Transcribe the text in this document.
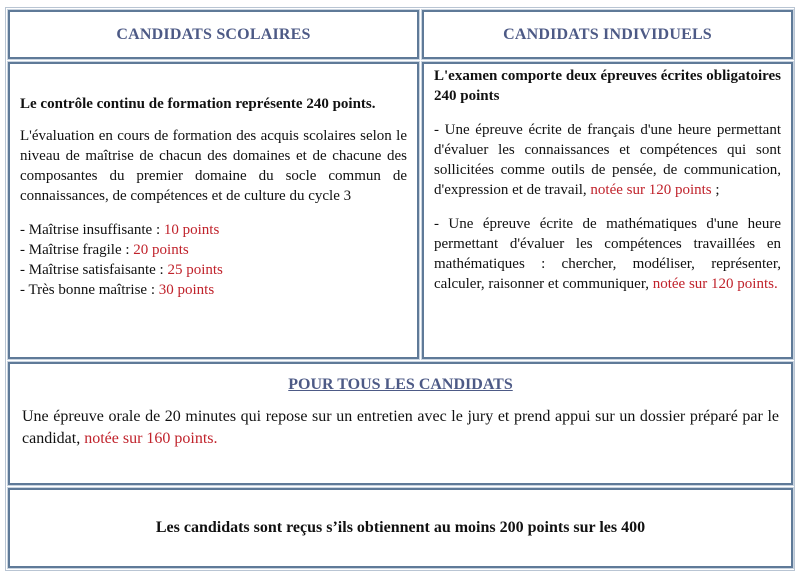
CANDIDATS SCOLAIRES	CANDIDATS INDIVIDUELS

Le contrôle continu de formation représente 240 points.

L'évaluation en cours de formation des acquis scolaires selon le niveau de maîtrise de chacun des domaines et de chacune des composantes du premier domaine du socle commun de connaissances, de compétences et de culture du cycle 3

- Maîtrise insuffisante : 10 points

- Maîtrise fragile : 20 points

- Maîtrise satisfaisante : 25 points

- Très bonne maîtrise : 30 points

L'examen comporte deux épreuves écrites obligatoires 240 points

- Une épreuve écrite de français d'une heure permettant d'évaluer les connaissances et compétences qui sont sollicitées comme outils de pensée, de communication, d'expression et de travail, notée sur 120 points ;

- Une épreuve écrite de mathématiques d'une heure permettant d'évaluer les compétences travaillées en mathématiques : chercher, modéliser, représenter, calculer, raisonner et communiquer, notée sur 120 points.

POUR TOUS LES CANDIDATS

Une épreuve orale de 20 minutes qui repose sur un entretien avec le jury et prend appui sur un dossier préparé par le candidat, notée sur 160 points.

Les candidats sont reçus s’ils obtiennent au moins 200 points sur les 400
